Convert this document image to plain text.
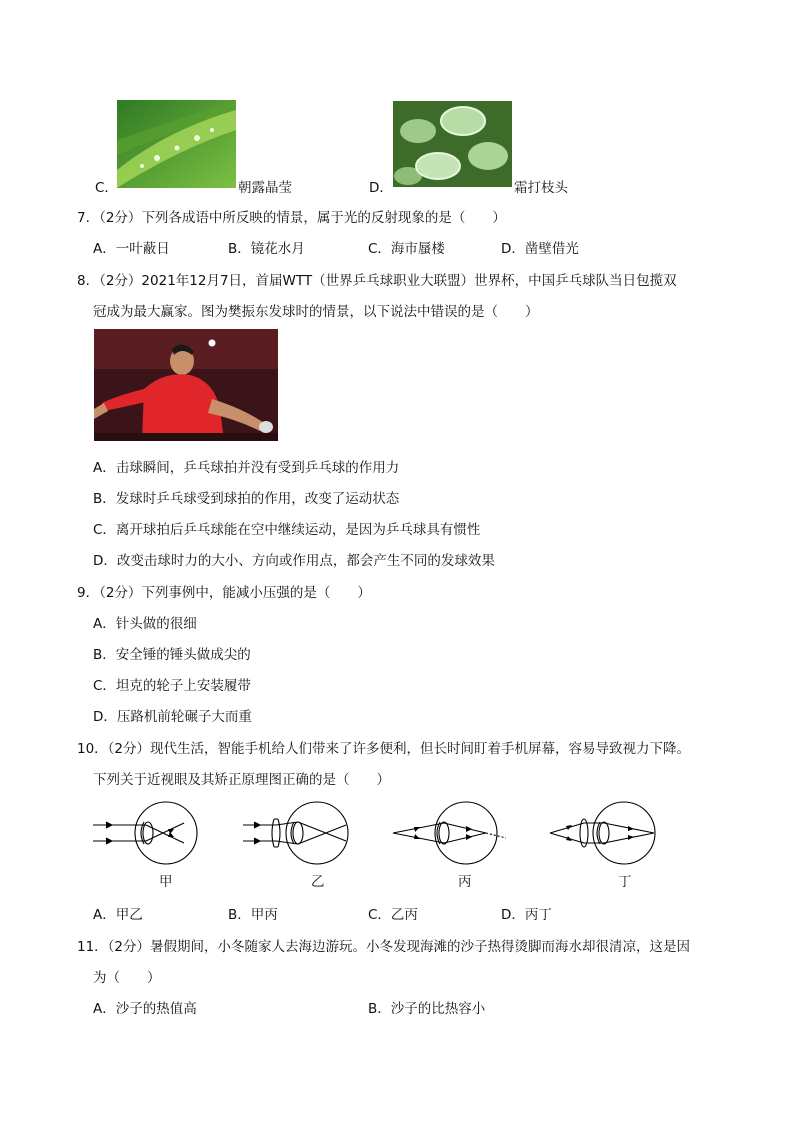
C．	朝露晶莹	D．	霜打枝头
7．（2分）下列各成语中所反映的情景，属于光的反射现象的是（　　）
A．一叶蔽日	B．镜花水月	C．海市蜃楼	D．凿壁借光
8．（2分）2021年12月7日，首届WTT（世界乒乓球职业大联盟）世界杯，中国乒乓球队当日包揽双
冠成为最大赢家。图为樊振东发球时的情景，以下说法中错误的是（　　）
A．击球瞬间，乒乓球拍并没有受到乒乓球的作用力
B．发球时乒乓球受到球拍的作用，改变了运动状态
C．离开球拍后乒乓球能在空中继续运动，是因为乒乓球具有惯性
D．改变击球时力的大小、方向或作用点，都会产生不同的发球效果
9．（2分）下列事例中，能减小压强的是（　　）
A．针头做的很细
B．安全锤的锤头做成尖的
C．坦克的轮子上安装履带
D．压路机前轮碾子大而重
10．（2分）现代生活，智能手机给人们带来了许多便利，但长时间盯着手机屏幕，容易导致视力下降。
下列关于近视眼及其矫正原理图正确的是（　　）
甲	乙	丙	丁
A．甲乙	B．甲丙	C．乙丙	D．丙丁
11．（2分）暑假期间，小冬随家人去海边游玩。小冬发现海滩的沙子热得烫脚而海水却很清凉，这是因
为（　　）
A．沙子的热值高	B．沙子的比热容小
